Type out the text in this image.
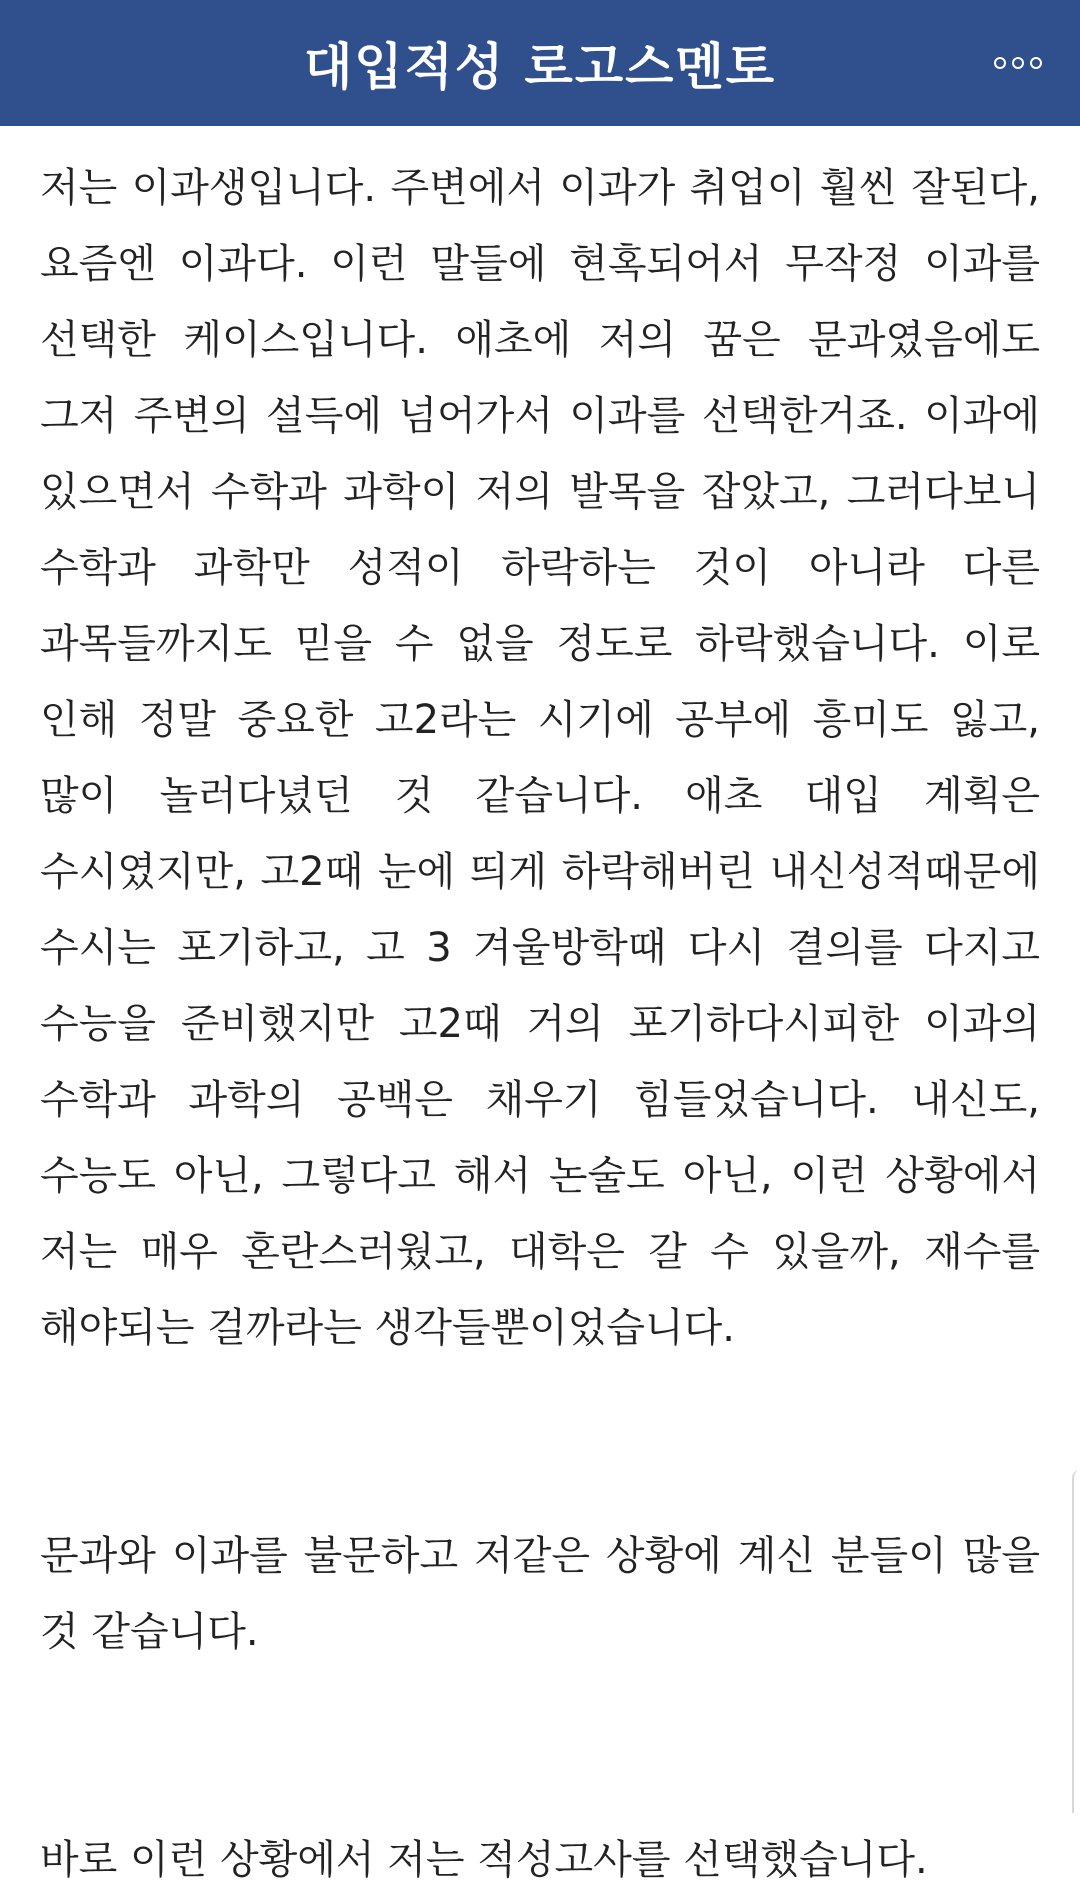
대입적성 로고스멘토

저는 이과생입니다. 주변에서 이과가 취업이 훨씬 잘된다, 요즘엔 이과다. 이런 말들에 현혹되어서 무작정 이과를 선택한 케이스입니다. 애초에 저의 꿈은 문과였음에도 그저 주변의 설득에 넘어가서 이과를 선택한거죠. 이과에 있으면서 수학과 과학이 저의 발목을 잡았고, 그러다보니 수학과 과학만 성적이 하락하는 것이 아니라 다른 과목들까지도 믿을 수 없을 정도로 하락했습니다. 이로 인해 정말 중요한 고2라는 시기에 공부에 흥미도 잃고, 많이 놀러다녔던 것 같습니다. 애초 대입 계획은 수시였지만, 고2때 눈에 띄게 하락해버린 내신성적때문에 수시는 포기하고, 고 3 겨울방학때 다시 결의를 다지고 수능을 준비했지만 고2때 거의 포기하다시피한 이과의 수학과 과학의 공백은 채우기 힘들었습니다. 내신도, 수능도 아닌, 그렇다고 해서 논술도 아닌, 이런 상황에서 저는 매우 혼란스러웠고, 대학은 갈 수 있을까, 재수를 해야되는 걸까라는 생각들뿐이었습니다.

문과와 이과를 불문하고 저같은 상황에 계신 분들이 많을 것 같습니다.

바로 이런 상황에서 저는 적성고사를 선택했습니다.
